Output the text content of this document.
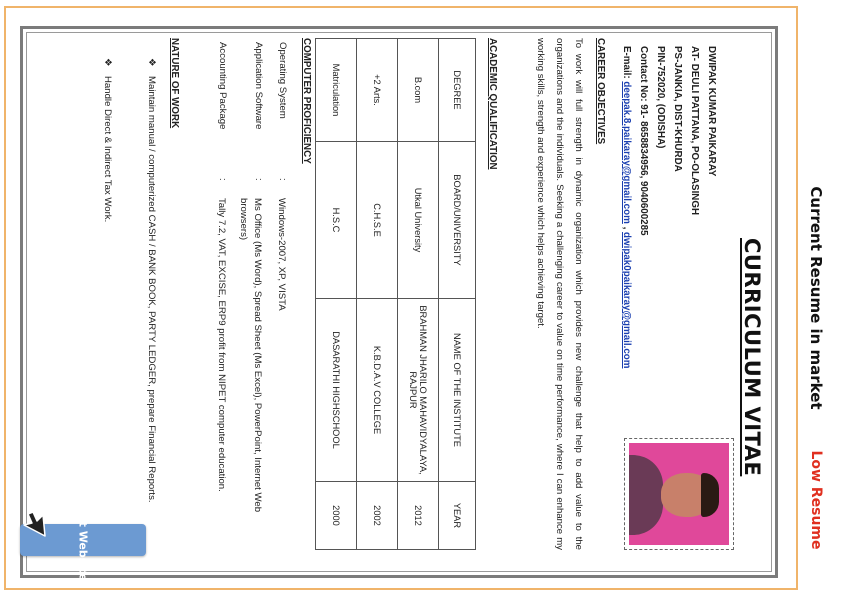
Current Resume in market
Low Resume
CURRICULUM VITAE
DWIPAK KUMAR PAIKARAY
AT- DEULI PATTANA, PO-OLASINGH
PS-JANKIA, DIST-KHURDA
PIN-752020, (ODISHA)
Contact No: 91- 8658834956, 9040600285
E-mail: deepak.8.paikaray@gmail.com , dwipak0paikaray@gmail.com
CAREER OBJECTIVES
To work will full strength in dynamic organization which provides new challenge that help to add value to the organizations and the individuals. Seeking a challenging career to value on time performance, where I can enhance my working skills, strength and experience which helps achieving target.
ACADEMIC QUALIFICATION
DEGREE	BOARD/UNIVERSITY	NAME OF THE INSTITUTE	YEAR
B.com	Utkal University	BRAHMAN JHARILO MAHAVIDYALAYA, RAJPUR	2012
+2 Arts.	C.H.S.E	K.B.D.A.V COLLEGE	2002
Matriculation	H.S.C	DASARATHI HIGHSCHOOL	2000
COMPUTER PROFICIENCY
Operating System
:
Windows-2007, XP, VISTA
Application Software
:
Ms Office (Ms Word), Spread Sheet (Ms Excel), PowerPoint, Internet Web browsers)
Accounting Package
:
Tally 7.2, VAT, EXCISE, ERP9 profit from NIPET computer education.
NATURE OF WORK
❖Maintain manual / computerized CASH / BANK BOOK, PARTY LEDGER, prepare Financial Reports.
❖Handle Direct & Indirect Tax Work.
Visit Website
